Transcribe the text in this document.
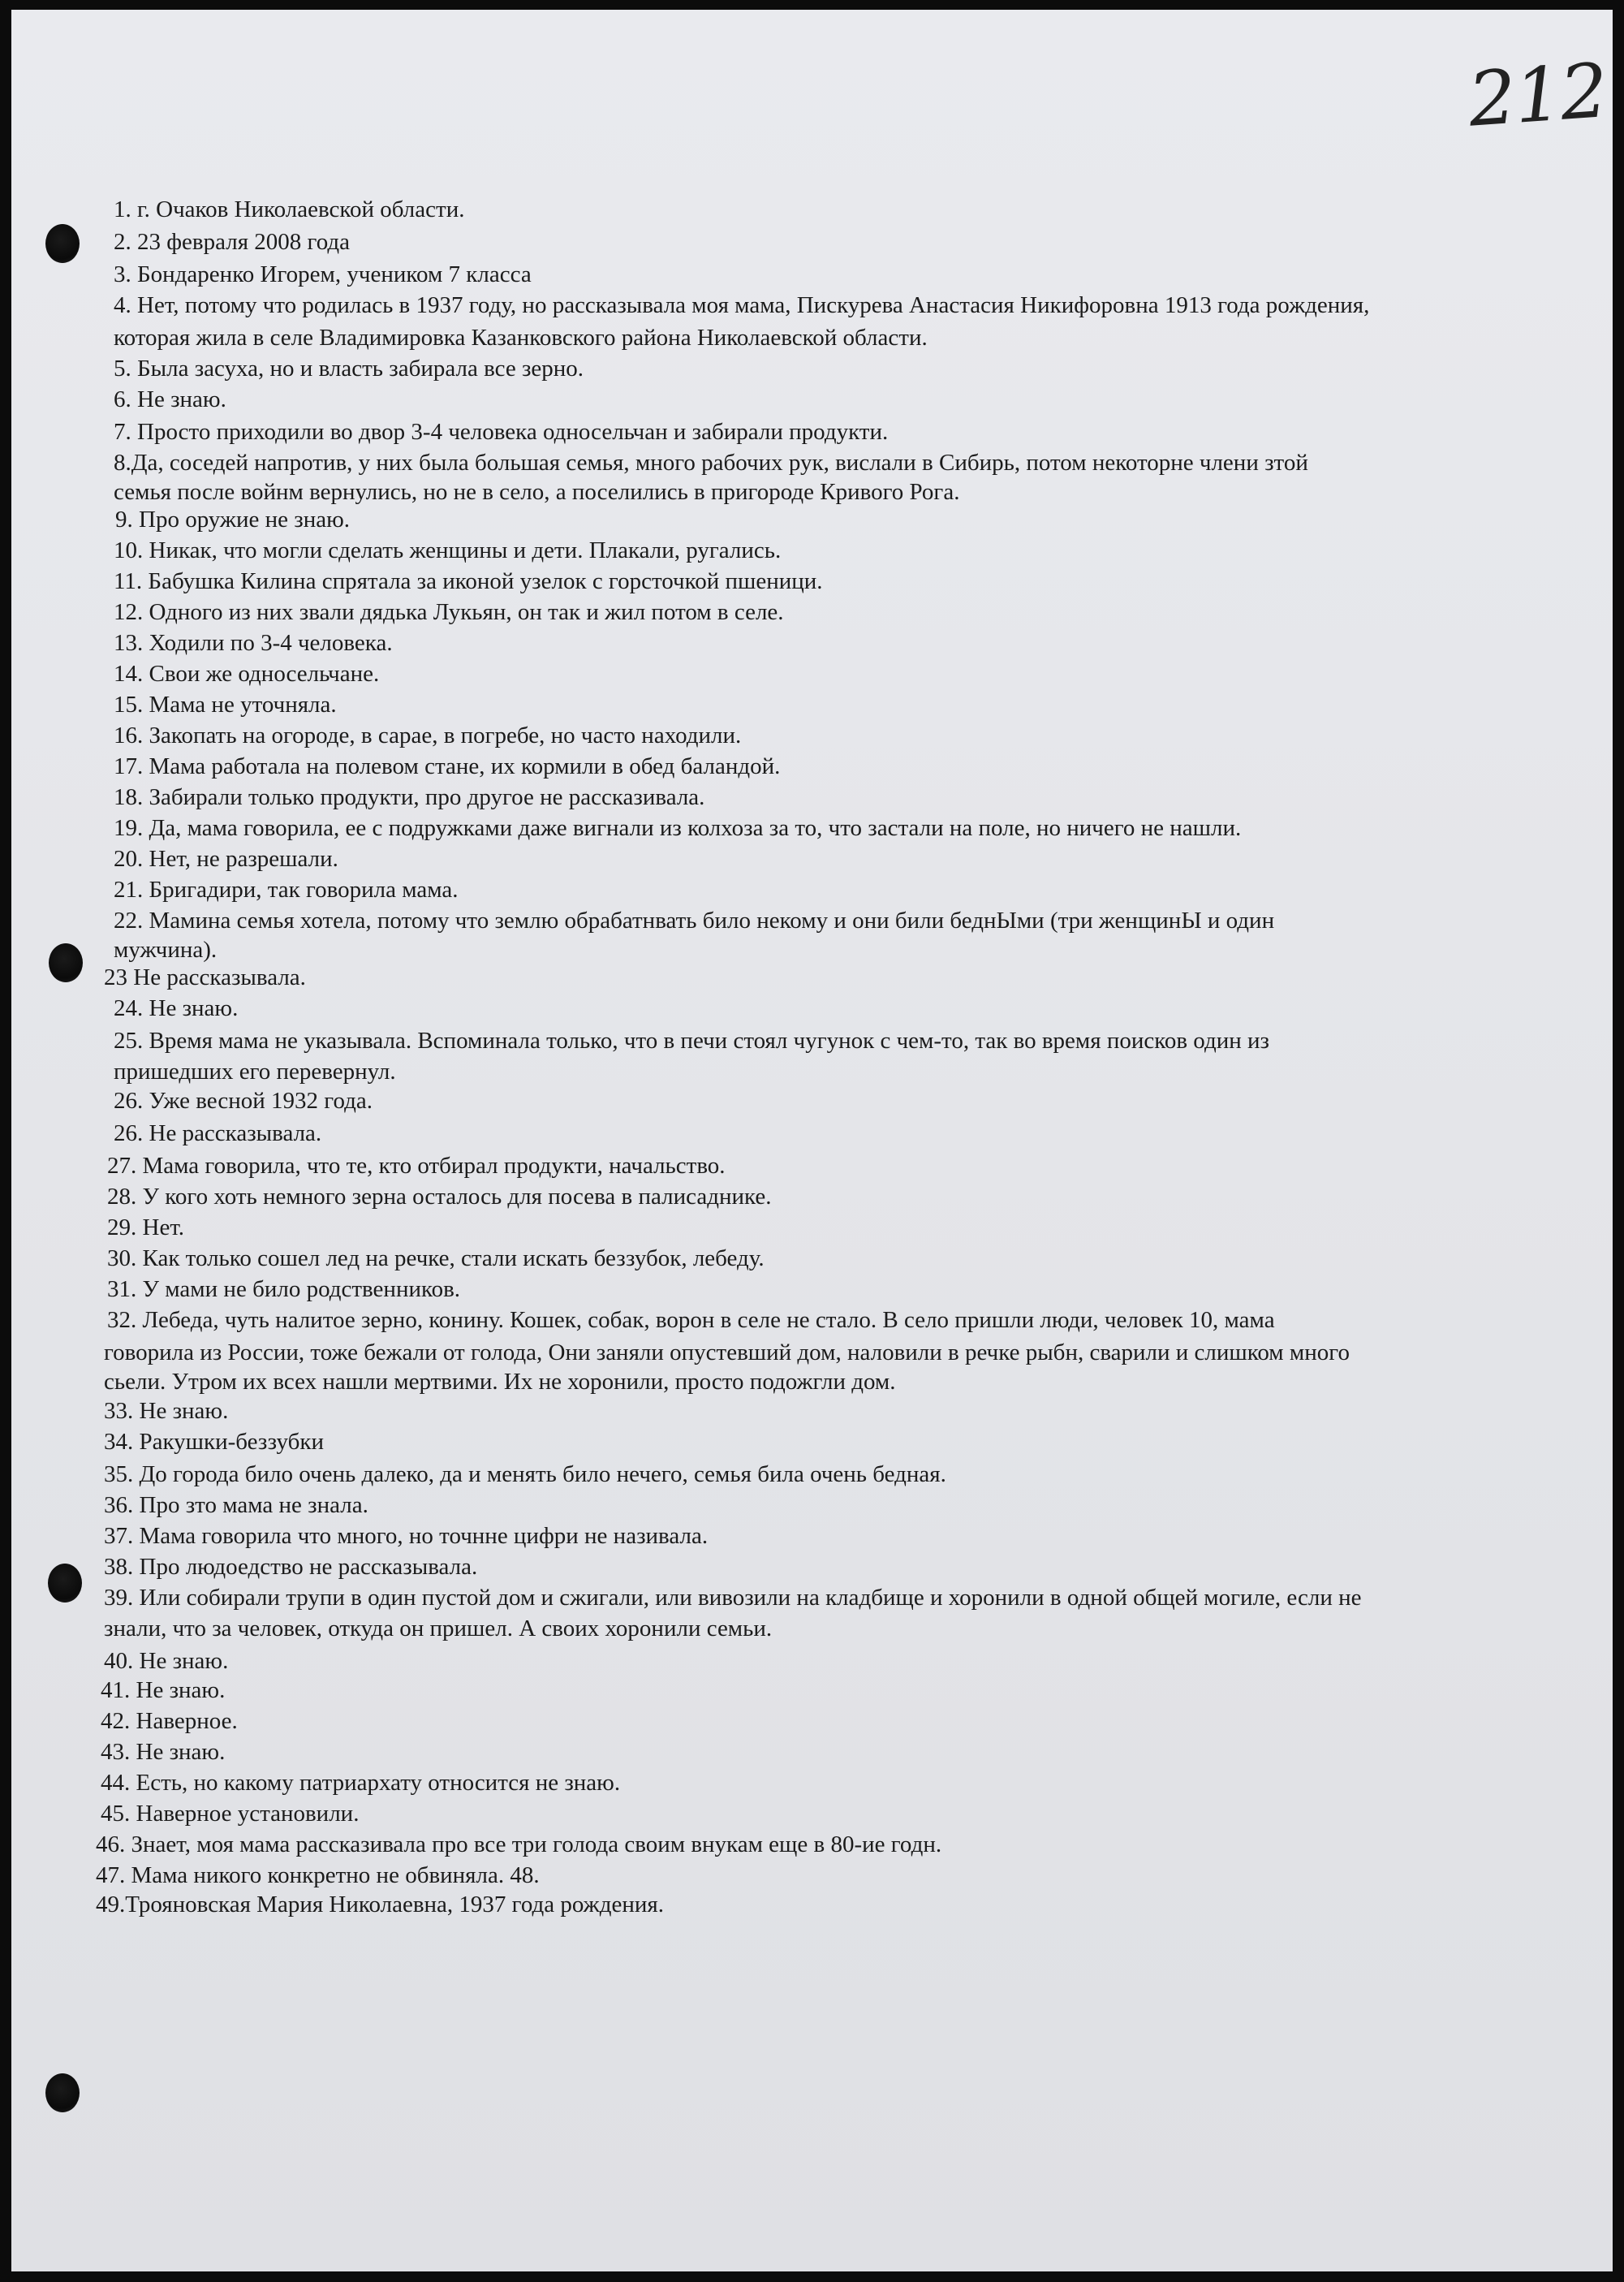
212
1. г. Очаков Николаевской области.
2. 23 февраля 2008 года
3. Бондаренко Игорем, учеником 7 класса
4. Нет, потому что родилась в 1937 году, но рассказывала моя мама, Пискурева Анастасия Никифоровна 1913 года рождения,
которая жила в селе Владимировка Казанковского района Николаевской области.
5. Была засуха, но и власть забирала все зерно.
6. Не знаю.
7. Просто приходили во двор 3-4 человека односельчан и забирали продукти.
8.Да, соседей напротив, у них была большая семья, много рабочих рук, вислали в Сибирь, потом некоторне члени зтой
семья после войнм вернулись, но не в село, а поселились в пригороде Кривого Рога.
9. Про оружие не знаю.
10. Никак, что могли сделать женщины и дети. Плакали, ругались.
11. Бабушка Килина спрятала за иконой узелок с горсточкой пшеници.
12. Одного из них звали дядька Лукьян, он так и жил потом в селе.
13. Ходили по 3-4 человека.
14. Свои же односельчане.
15. Мама не уточняла.
16. Закопать на огороде, в сарае, в погребе, но часто находили.
17. Мама работала на полевом стане, их кормили в обед баландой.
18. Забирали только продукти, про другое не рассказивала.
19. Да, мама говорила, ее с подружками даже вигнали из колхоза за то, что застали на поле, но ничего не нашли.
20. Нет, не разрешали.
21. Бригадири, так говорила мама.
22. Мамина семья хотела, потому что землю обрабатнвать било некому и они били беднЫми (три женщинЫ и один
мужчина).
23 Не рассказывала.
24. Не знаю.
25. Время мама не указывала. Вспоминала только, что в печи стоял чугунок с чем-то, так во время поисков один из
пришедших его перевернул.
26. Уже весной 1932 года.
26. Не рассказывала.
27. Мама говорила, что те, кто отбирал продукти, начальство.
28. У кого хоть немного зерна осталось для посева в палисаднике.
29. Нет.
30. Как только сошел лед на речке, стали искать беззубок, лебеду.
31. У мами не било родственников.
32. Лебеда, чуть налитое зерно, конину. Кошек, собак, ворон в селе не стало. В село пришли люди, человек 10, мама
говорила из России, тоже бежали от голода, Они заняли опустевший дом, наловили в речке рыбн, сварили и слишком много
сьели. Утром их всех нашли мертвими. Их не хоронили, просто подожгли дом.
33. Не знаю.
34. Ракушки-беззубки
35. До города било очень далеко, да и менять било нечего, семья била очень бедная.
36. Про зто мама не знала.
37. Мама говорила что много, но точнне цифри не називала.
38. Про людоедство не рассказывала.
39. Или собирали трупи в один пустой дом и сжигали, или вивозили на кладбище и хоронили в одной общей могиле, если не
знали, что за человек, откуда он пришел. А своих хоронили семьи.
40. Не знаю.
41. Не знаю.
42. Наверное.
43. Не знаю.
44. Есть, но какому патриархату относится не знаю.
45. Наверное установили.
46. Знает, моя мама рассказивала про все три голода своим внукам еще в 80-ие годн.
47. Мама никого конкретно не обвиняла. 48.
49.Трояновская Мария Николаевна, 1937 года рождения.
